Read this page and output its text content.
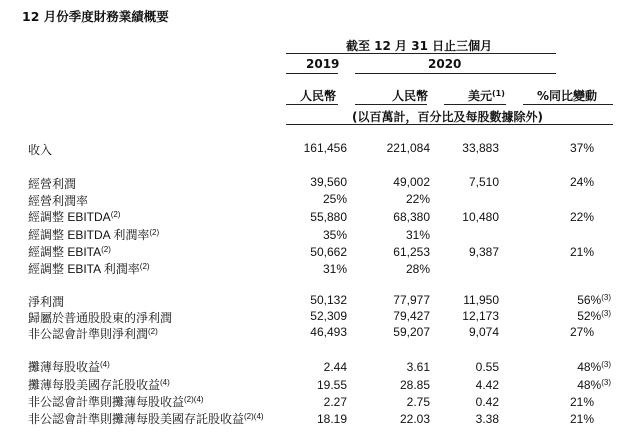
12 月份季度財務業績概要
截至 12 月 31 日止三個月
2019	2020
人民幣	人民幣	美元$^{(1)}$	%同比變動
(以百萬計，百分比及每股數據除外)
收入	161,456	221,084	33,883	37%
經營利潤	39,560	49,002	7,510	24%
經營利潤率	25%	22%
經調整 EBITDA$^{(2)}$	55,880	68,380	10,480	22%
經調整 EBITDA 利潤率$^{(2)}$	35%	31%
經調整 EBITA$^{(2)}$	50,662	61,253	9,387	21%
經調整 EBITA 利潤率$^{(2)}$	31%	28%
淨利潤	50,132	77,977	11,950	56%$^{(3)}$
歸屬於普通股股東的淨利潤	52,309	79,427	12,173	52%$^{(3)}$
非公認會計準則淨利潤$^{(2)}$	46,493	59,207	9,074	27%
攤薄每股收益$^{(4)}$	2.44	3.61	0.55	48%$^{(3)}$
攤薄每股美國存託股收益$^{(4)}$	19.55	28.85	4.42	48%$^{(3)}$
非公認會計準則攤薄每股收益$^{(2)(4)}$	2.27	2.75	0.42	21%
非公認會計準則攤薄每股美國存託股收益$^{(2)(4)}$	18.19	22.03	3.38	21%
